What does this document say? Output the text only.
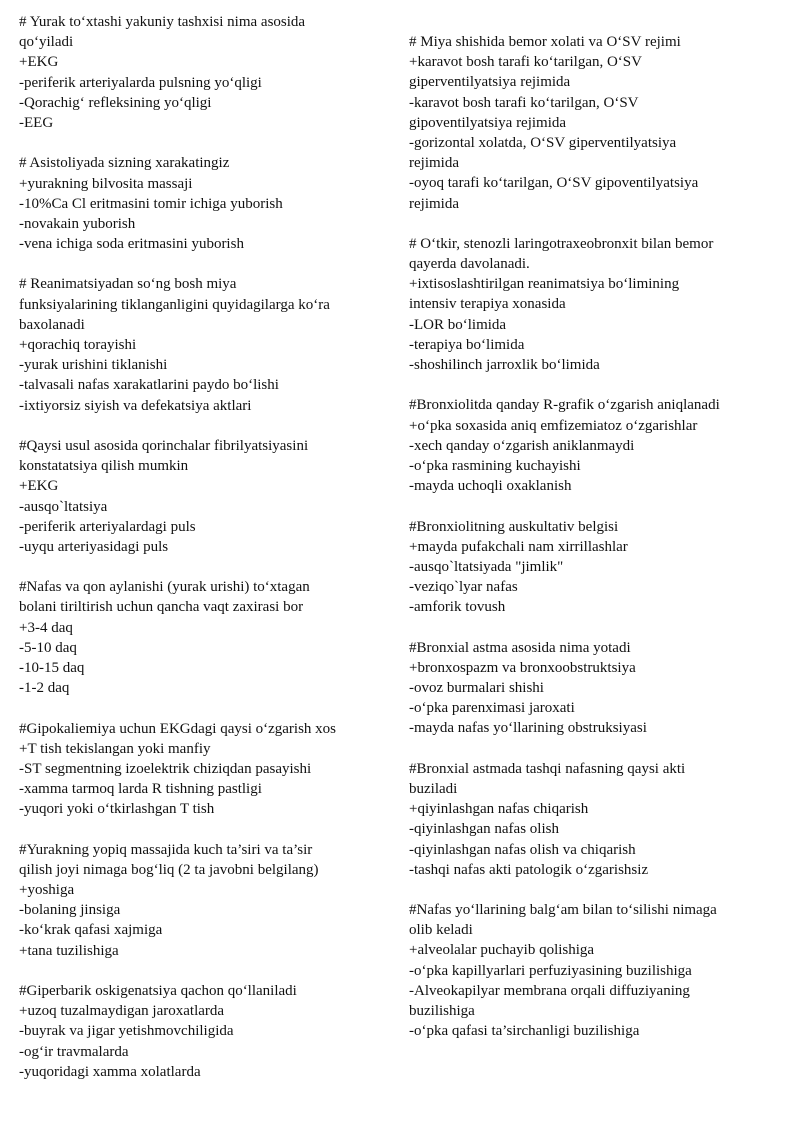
# Yurak to‘xtashi yakuniy tashxisi nima asosida
qo‘yiladi
+EKG
-periferik arteriyalarda pulsning yo‘qligi
-Qorachig‘ refleksining yo‘qligi
-EEG
# Asistoliyada sizning xarakatingiz
+yurakning bilvosita massaji
-10%Ca Cl eritmasini tomir ichiga yuborish
-novakain yuborish
-vena ichiga soda eritmasini yuborish
# Reanimatsiyadan so‘ng bosh miya
funksiyalarining tiklanganligini quyidagilarga ko‘ra
baxolanadi
+qorachiq torayishi
-yurak urishini tiklanishi
-talvasali nafas xarakatlarini paydo bo‘lishi
-ixtiyorsiz siyish va defekatsiya aktlari
#Qaysi usul asosida qorinchalar fibrilyatsiyasini
konstatatsiya qilish mumkin
+EKG
-ausqo`ltatsiya
-periferik arteriyalardagi puls
-uyqu arteriyasidagi puls
#Nafas va qon aylanishi (yurak urishi) to‘xtagan
bolani tiriltirish uchun qancha vaqt zaxirasi bor
+3-4 daq
-5-10 daq
-10-15 daq
-1-2 daq
#Gipokaliemiya uchun EKGdagi qaysi o‘zgarish xos
+T tish tekislangan yoki manfiy
-ST segmentning izoelektrik chiziqdan pasayishi
-xamma tarmoq larda R tishning pastligi
-yuqori yoki o‘tkirlashgan T tish
#Yurakning yopiq massajida kuch ta’siri va ta’sir
qilish joyi nimaga bog‘liq (2 ta javobni belgilang)
+yoshiga
-bolaning jinsiga
-ko‘krak qafasi xajmiga
+tana tuzilishiga
#Giperbarik oskigenatsiya qachon qo‘llaniladi
+uzoq tuzalmaydigan jaroxatlarda
-buyrak va jigar yetishmovchiligida
-og‘ir travmalarda
-yuqoridagi xamma xolatlarda
# Miya shishida bemor xolati va O‘SV rejimi
+karavot bosh tarafi ko‘tarilgan, O‘SV
giperventilyatsiya rejimida
-karavot bosh tarafi ko‘tarilgan, O‘SV
gipoventilyatsiya rejimida
-gorizontal xolatda, O‘SV giperventilyatsiya
rejimida
-oyoq tarafi ko‘tarilgan, O‘SV gipoventilyatsiya
rejimida
# O‘tkir, stenozli laringotraxeobronxit bilan bemor
qayerda davolanadi.
+ixtisoslashtirilgan reanimatsiya bo‘limining
intensiv terapiya xonasida
-LOR bo‘limida
-terapiya bo‘limida
-shoshilinch jarroxlik bo‘limida
#Bronxiolitda qanday R-grafik o‘zgarish aniqlanadi
+o‘pka soxasida aniq emfizemiatoz o‘zgarishlar
-xech qanday o‘zgarish aniklanmaydi
-o‘pka rasmining kuchayishi
-mayda uchoqli oxaklanish
#Bronxiolitning auskultativ belgisi
+mayda pufakchali nam xirrillashlar
-ausqo`ltatsiyada "jimlik"
-veziqo`lyar nafas
-amforik tovush
#Bronxial astma asosida nima yotadi
+bronxospazm va bronxoobstruktsiya
-ovoz burmalari shishi
-o‘pka parenximasi jaroxati
-mayda nafas yo‘llarining obstruksiyasi
#Bronxial astmada tashqi nafasning qaysi akti
buziladi
+qiyinlashgan nafas chiqarish
-qiyinlashgan nafas olish
-qiyinlashgan nafas olish va chiqarish
-tashqi nafas akti patologik o‘zgarishsiz
#Nafas yo‘llarining balg‘am bilan to‘silishi nimaga
olib keladi
+alveolalar puchayib qolishiga
-o‘pka kapillyarlari perfuziyasining buzilishiga
-Alveokapilyar membrana orqali diffuziyaning
buzilishiga
-o‘pka qafasi ta’sirchanligi buzilishiga
